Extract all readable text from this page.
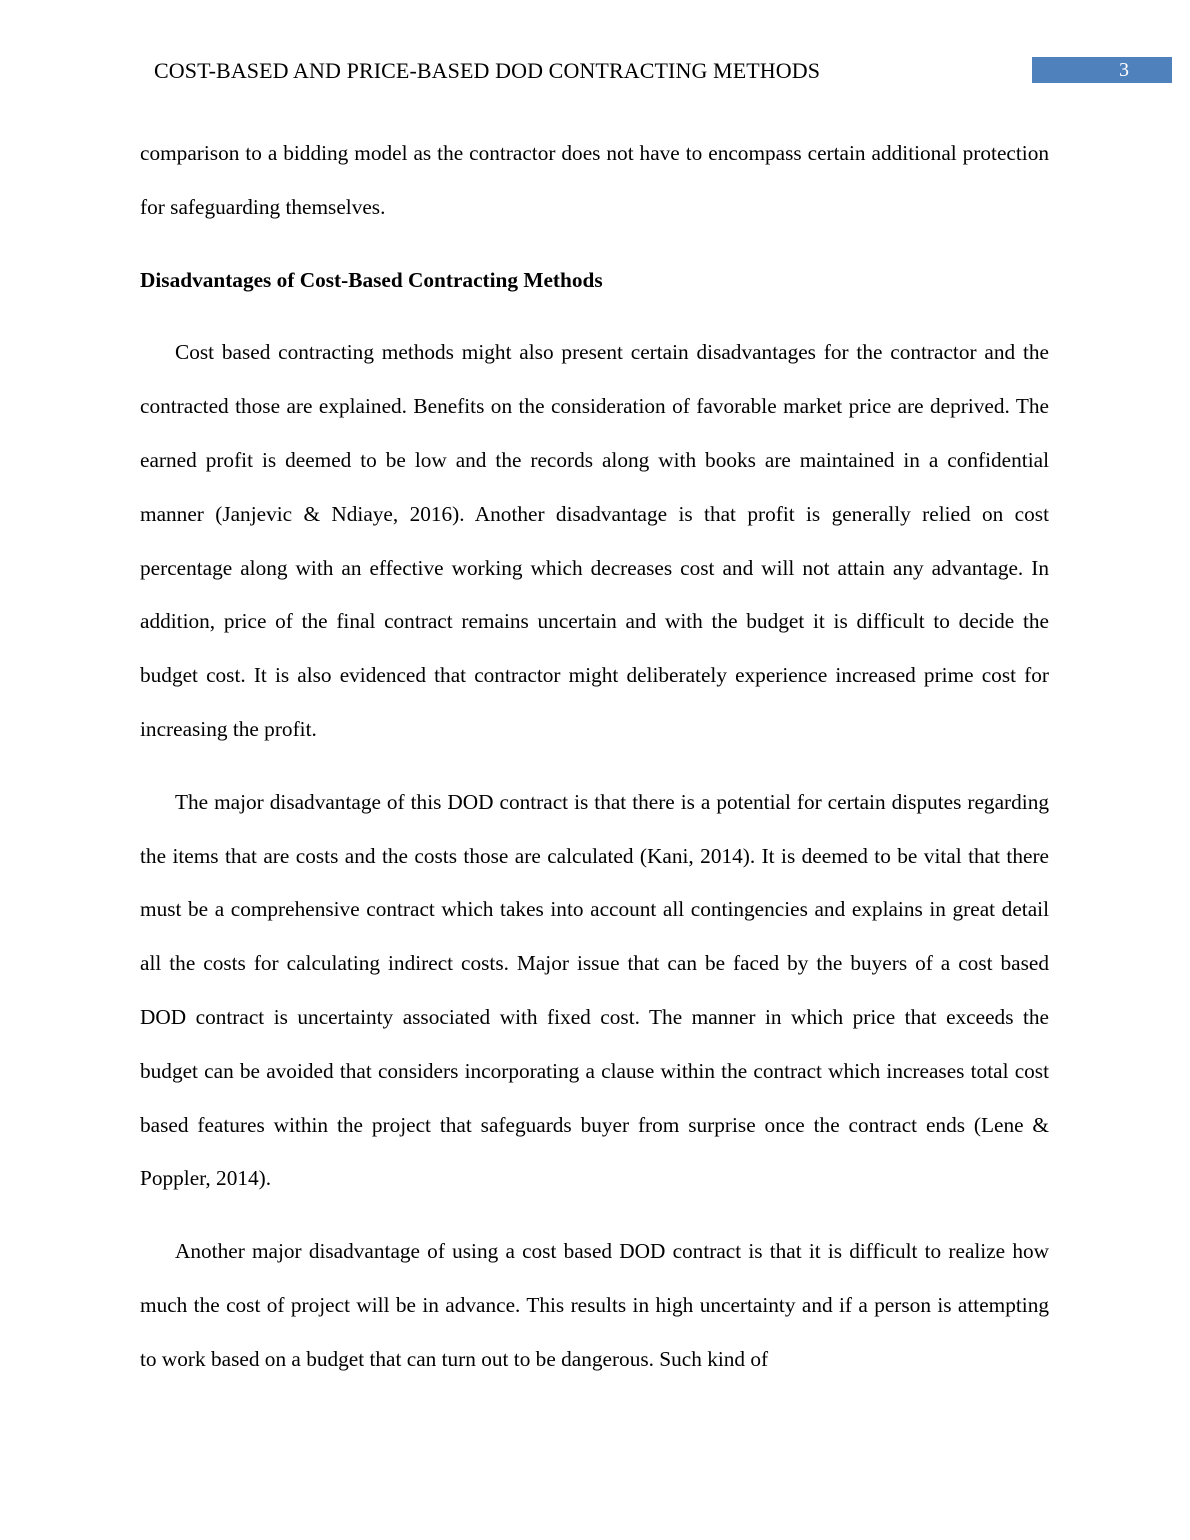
COST-BASED AND PRICE-BASED DOD CONTRACTING METHODS	3

comparison to a bidding model as the contractor does not have to encompass certain additional protection for safeguarding themselves.

Disadvantages of Cost-Based Contracting Methods

Cost based contracting methods might also present certain disadvantages for the contractor and the contracted those are explained. Benefits on the consideration of favorable market price are deprived. The earned profit is deemed to be low and the records along with books are maintained in a confidential manner (Janjevic & Ndiaye, 2016). Another disadvantage is that profit is generally relied on cost percentage along with an effective working which decreases cost and will not attain any advantage. In addition, price of the final contract remains uncertain and with the budget it is difficult to decide the budget cost. It is also evidenced that contractor might deliberately experience increased prime cost for increasing the profit.

The major disadvantage of this DOD contract is that there is a potential for certain disputes regarding the items that are costs and the costs those are calculated (Kani, 2014). It is deemed to be vital that there must be a comprehensive contract which takes into account all contingencies and explains in great detail all the costs for calculating indirect costs. Major issue that can be faced by the buyers of a cost based DOD contract is uncertainty associated with fixed cost. The manner in which price that exceeds the budget can be avoided that considers incorporating a clause within the contract which increases total cost based features within the project that safeguards buyer from surprise once the contract ends (Lene & Poppler, 2014).

Another major disadvantage of using a cost based DOD contract is that it is difficult to realize how much the cost of project will be in advance. This results in high uncertainty and if a person is attempting to work based on a budget that can turn out to be dangerous. Such kind of
